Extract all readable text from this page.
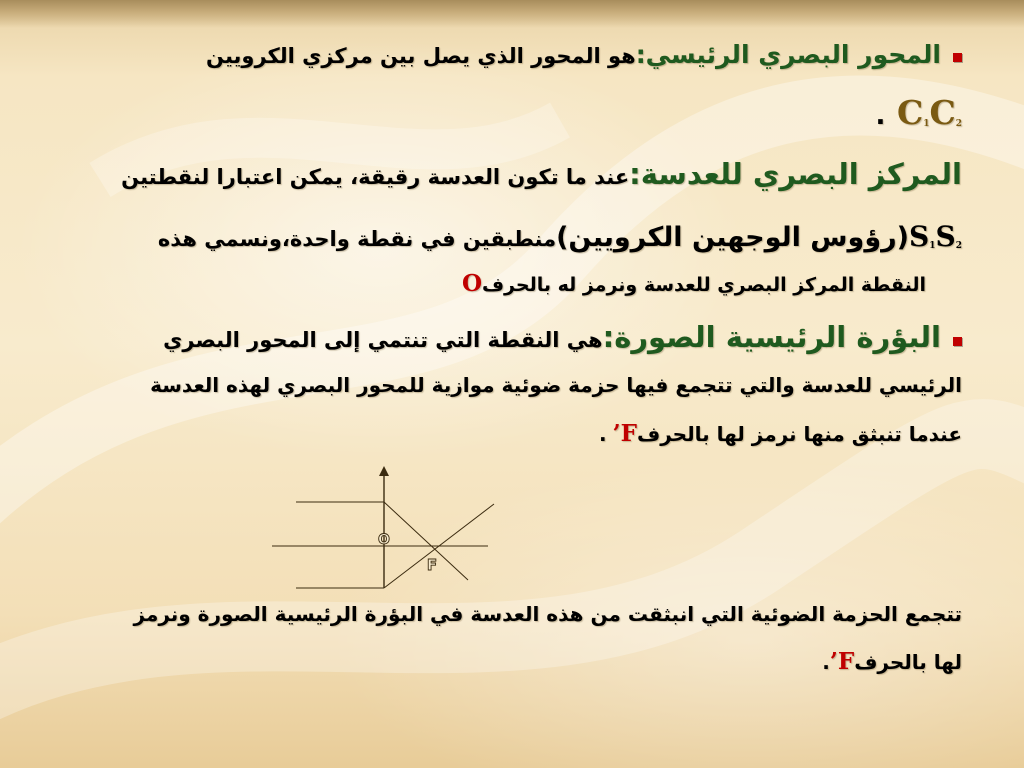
المحور البصري الرئيسي:هو المحور الذي يصل بين مركزي الكرويين
. $C_1C_2$
المركز البصري للعدسة:عند ما تكون العدسة رقيقة، يمكن اعتبارا لنقطتين
$S_1S_2(رؤوس$ الوجهين الكرويين)منطبقين في نقطة واحدة،ونسمي هذه
النقطة المركز البصري للعدسة ونرمز له بالحرفO
البؤرة الرئيسية الصورة:هي النقطة التي تنتمي إلى المحور البصري
الرئيسي للعدسة والتي تتجمع فيها حزمة ضوئية موازية للمحور البصري لهذه العدسة
عندما تنبثق منها نرمز لها بالحرفF’.
O
F
تتجمع الحزمة الضوئية التي انبثقت من هذه العدسة في البؤرة الرئيسية الصورة ونرمز
لها بالحرفF’.
